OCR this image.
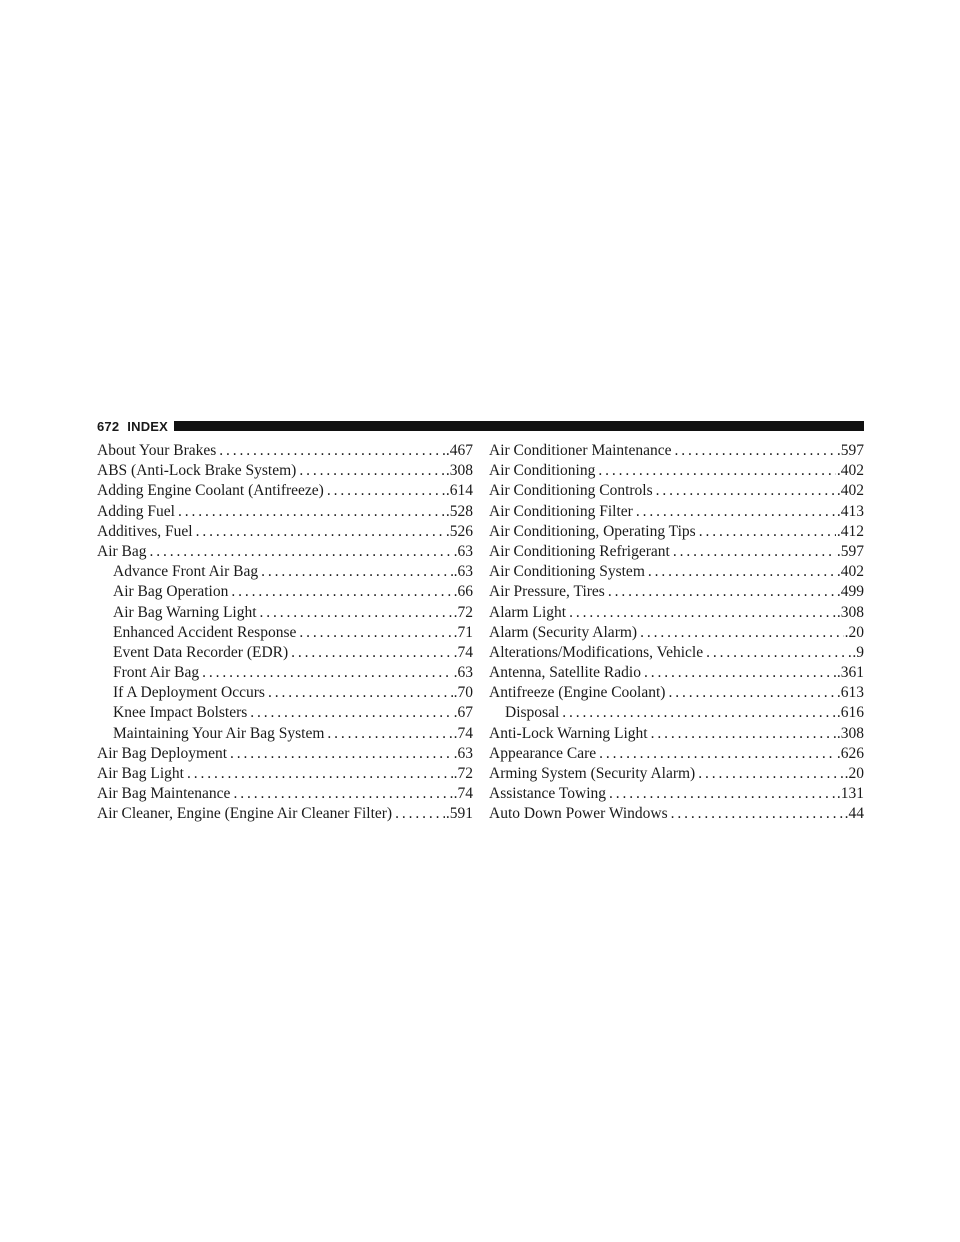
672 INDEX
About Your Brakes . . .	.467
ABS (Anti-Lock Brake System) . . .	.308
Adding Engine Coolant (Antifreeze) . . .	.614
Adding Fuel . . .	.528
Additives, Fuel . . .	.526
Air Bag . . .	.63
Advance Front Air Bag . . .	.63
Air Bag Operation . . .	.66
Air Bag Warning Light . . .	.72
Enhanced Accident Response . . .	.71
Event Data Recorder (EDR) . . .	.74
Front Air Bag . . .	.63
If A Deployment Occurs . . .	.70
Knee Impact Bolsters . . .	.67
Maintaining Your Air Bag System . . .	.74
Air Bag Deployment . . .	.63
Air Bag Light . . .	.72
Air Bag Maintenance . . .	.74
Air Cleaner, Engine (Engine Air Cleaner Filter) . . .	.591
Air Conditioner Maintenance . . .	.597
Air Conditioning . . .	.402
Air Conditioning Controls . . .	.402
Air Conditioning Filter . . .	.413
Air Conditioning, Operating Tips . . .	.412
Air Conditioning Refrigerant . . .	.597
Air Conditioning System . . .	.402
Air Pressure, Tires . . .	.499
Alarm Light . . .	.308
Alarm (Security Alarm) . . .	.20
Alterations/Modifications, Vehicle . . .	.9
Antenna, Satellite Radio . . .	.361
Antifreeze (Engine Coolant) . . .	.613
Disposal . . .	.616
Anti-Lock Warning Light . . .	.308
Appearance Care . . .	.626
Arming System (Security Alarm) . . .	.20
Assistance Towing . . .	.131
Auto Down Power Windows . . .	.44
